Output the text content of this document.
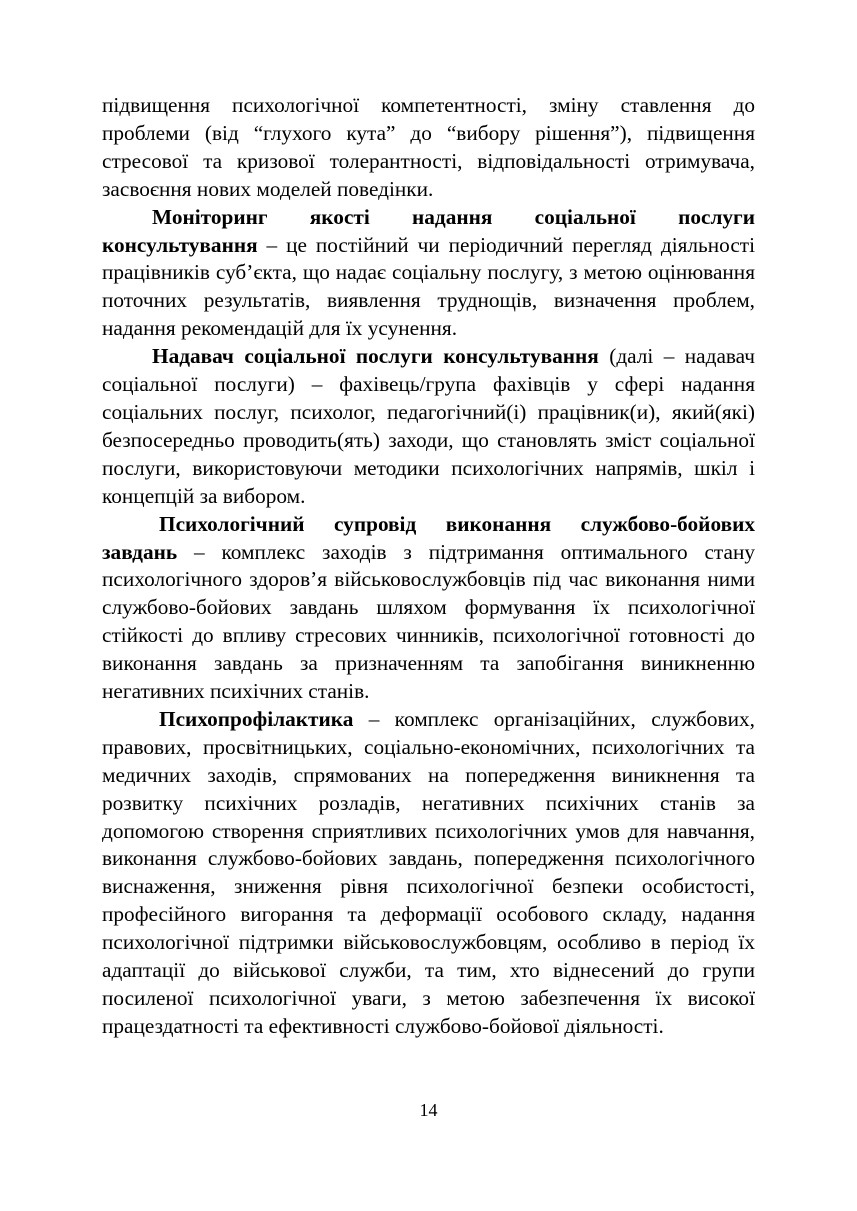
підвищення психологічної компетентності, зміну ставлення до проблеми (від “глухого кута” до “вибору рішення”), підвищення стресової та кризової толерантності, відповідальності отримувача, засвоєння нових моделей поведінки.

Моніторинг якості надання соціальної послуги консультування – це постійний чи періодичний перегляд діяльності працівників суб’єкта, що надає соціальну послугу, з метою оцінювання поточних результатів, виявлення труднощів, визначення проблем, надання рекомендацій для їх усунення.

Надавач соціальної послуги консультування (далі – надавач соціальної послуги) – фахівець/група фахівців у сфері надання соціальних послуг, психолог, педагогічний(і) працівник(и), який(які) безпосередньо проводить(ять) заходи, що становлять зміст соціальної послуги, використовуючи методики психологічних напрямів, шкіл і концепцій за вибором.

Психологічний супровід виконання службово-бойових завдань – комплекс заходів з підтримання оптимального стану психологічного здоров’я військовослужбовців під час виконання ними службово-бойових завдань шляхом формування їх психологічної стійкості до впливу стресових чинників, психологічної готовності до виконання завдань за призначенням та запобігання виникненню негативних психічних станів.

Психопрофілактика – комплекс організаційних, службових, правових, просвітницьких, соціально-економічних, психологічних та медичних заходів, спрямованих на попередження виникнення та розвитку психічних розладів, негативних психічних станів за допомогою створення сприятливих психологічних умов для навчання, виконання службово-бойових завдань, попередження психологічного виснаження, зниження рівня психологічної безпеки особистості, професійного вигорання та деформації особового складу, надання психологічної підтримки військовослужбовцям, особливо в період їх адаптації до військової служби, та тим, хто віднесений до групи посиленої психологічної уваги, з метою забезпечення їх високої працездатності та ефективності службово-бойової діяльності.

14
